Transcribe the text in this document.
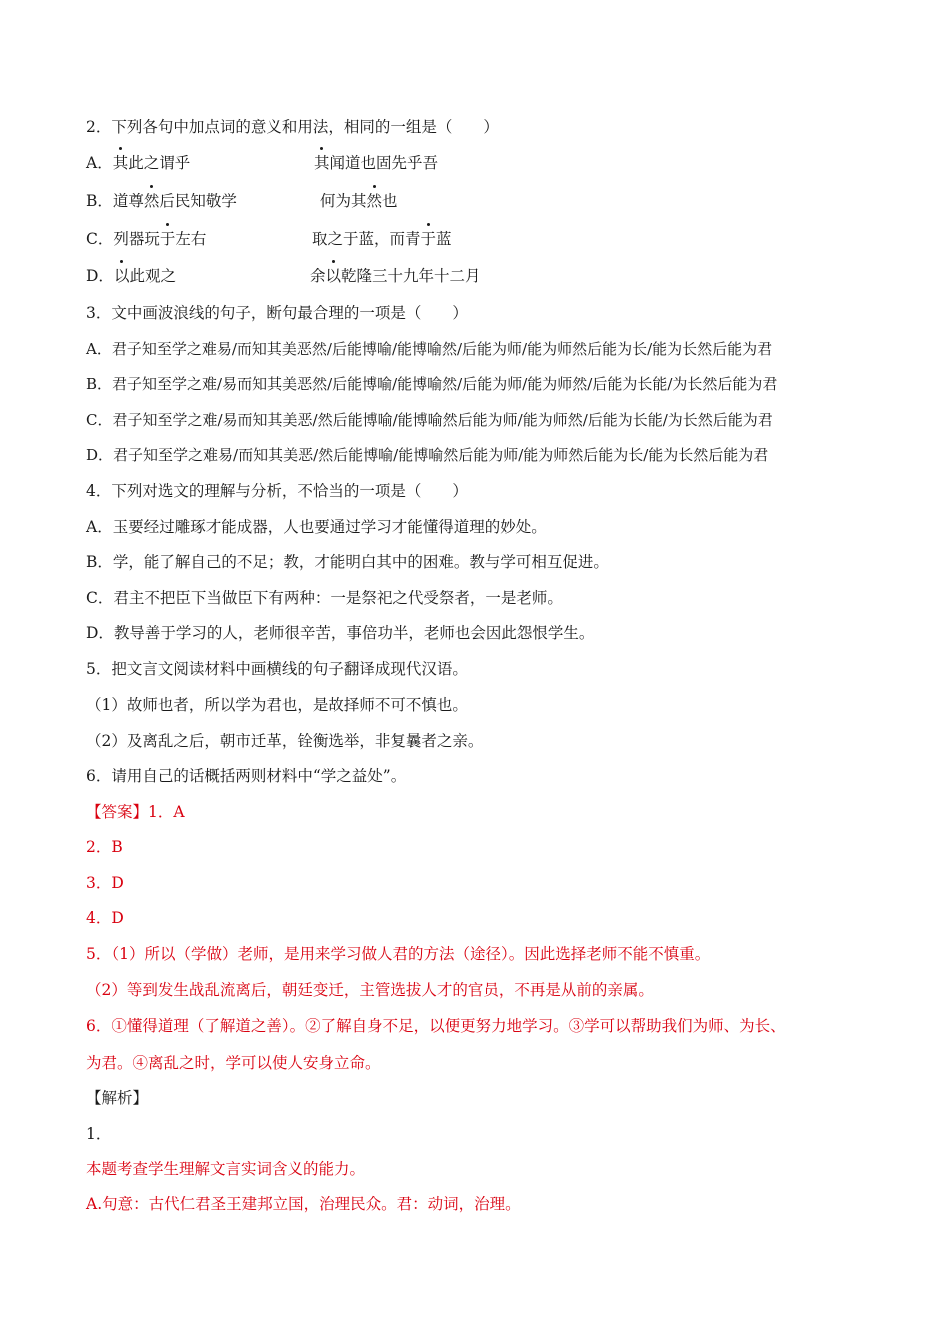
2．下列各句中加点词的意义和用法，相同的一组是（　　）
A．其此之谓乎	其闻道也固先乎吾
B．道尊然后民知敬学	何为其然也
C．列器玩于左右	取之于蓝，而青于蓝
D．以此观之	余以乾隆三十九年十二月
3．文中画波浪线的句子，断句最合理的一项是（　　）
A．君子知至学之难易/而知其美恶然/后能博喻/能博喻然/后能为师/能为师然后能为长/能为长然后能为君
B．君子知至学之难/易而知其美恶然/后能博喻/能博喻然/后能为师/能为师然/后能为长能/为长然后能为君
C．君子知至学之难/易而知其美恶/然后能博喻/能博喻然后能为师/能为师然/后能为长能/为长然后能为君
D．君子知至学之难易/而知其美恶/然后能博喻/能博喻然后能为师/能为师然后能为长/能为长然后能为君
4．下列对选文的理解与分析，不恰当的一项是（　　）
A．玉要经过雕琢才能成器，人也要通过学习才能懂得道理的妙处。
B．学，能了解自己的不足；教，才能明白其中的困难。教与学可相互促进。
C．君主不把臣下当做臣下有两种：一是祭祀之代受祭者，一是老师。
D．教导善于学习的人，老师很辛苦，事倍功半，老师也会因此怨恨学生。
5．把文言文阅读材料中画横线的句子翻译成现代汉语。
（1）故师也者，所以学为君也，是故择师不可不慎也。
（2）及离乱之后，朝市迁革，铨衡选举，非复曩者之亲。
6．请用自己的话概括两则材料中“学之益处”。
【答案】1．A
2．B
3．D
4．D
5．（1）所以（学做）老师，是用来学习做人君的方法（途径）。因此选择老师不能不慎重。
（2）等到发生战乱流离后，朝廷变迁，主管选拔人才的官员，不再是从前的亲属。
6．①懂得道理（了解道之善）。②了解自身不足，以便更努力地学习。③学可以帮助我们为师、为长、
为君。④离乱之时，学可以使人安身立命。
【解析】
1．
本题考查学生理解文言实词含义的能力。
A.句意：古代仁君圣王建邦立国，治理民众。君：动词，治理。
